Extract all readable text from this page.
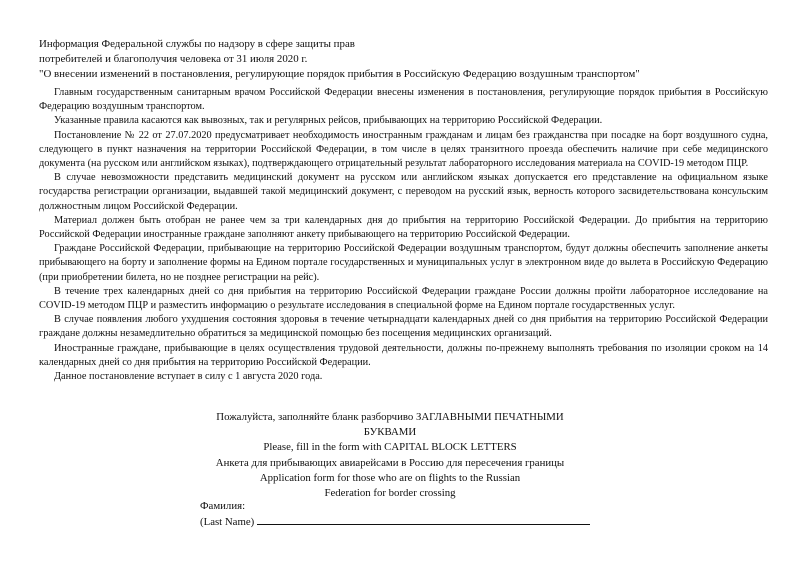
Информация Федеральной службы по надзору в сфере защиты прав
потребителей и благополучия человека от 31 июля 2020 г.
"О внесении изменений в постановления, регулирующие порядок прибытия в Российскую Федерацию воздушным транспортом"

Главным государственным санитарным врачом Российской Федерации внесены изменения в постановления, регулирующие порядок прибытия в Российскую Федерацию воздушным транспортом.

Указанные правила касаются как вывозных, так и регулярных рейсов, прибывающих на территорию Российской Федерации.

Постановление № 22 от 27.07.2020 предусматривает необходимость иностранным гражданам и лицам без гражданства при посадке на борт воздушного судна, следующего в пункт назначения на территории Российской Федерации, в том числе в целях транзитного проезда обеспечить наличие при себе медицинского документа (на русском или английском языках), подтверждающего отрицательный результат лабораторного исследования материала на COVID-19 методом ПЦР.

В случае невозможности представить медицинский документ на русском или английском языках допускается его представление на официальном языке государства регистрации организации, выдавшей такой медицинский документ, с переводом на русский язык, верность которого засвидетельствована консульским должностным лицом Российской Федерации.

Материал должен быть отобран не ранее чем за три календарных дня до прибытия на территорию Российской Федерации. До прибытия на территорию Российской Федерации иностранные граждане заполняют анкету прибывающего на территорию Российской Федерации.

Граждане Российской Федерации, прибывающие на территорию Российской Федерации воздушным транспортом, будут должны обеспечить заполнение анкеты прибывающего на борту и заполнение формы на Едином портале государственных и муниципальных услуг в электронном виде до вылета в Российскую Федерацию (при приобретении билета, но не позднее регистрации на рейс).

В течение трех календарных дней со дня прибытия на территорию Российской Федерации граждане России должны пройти лабораторное исследование на COVID-19 методом ПЦР и разместить информацию о результате исследования в специальной форме на Едином портале государственных услуг.

В случае появления любого ухудшения состояния здоровья в течение четырнадцати календарных дней со дня прибытия на территорию Российской Федерации граждане должны незамедлительно обратиться за медицинской помощью без посещения медицинских организаций.

Иностранные граждане, прибывающие в целях осуществления трудовой деятельности, должны по-прежнему выполнять требования по изоляции сроком на 14 календарных дней со дня прибытия на территорию Российской Федерации.

Данное постановление вступает в силу с 1 августа 2020 года.

Пожалуйста, заполняйте бланк разборчиво ЗАГЛАВНЫМИ ПЕЧАТНЫМИ
БУКВАМИ
Please, fill in the form with CAPITAL BLOCK LETTERS
Анкета для прибывающих авиарейсами в Россию для пересечения границы
Application form for those who are on flights to the Russian
Federation for border crossing
Фамилия:
(Last Name)
